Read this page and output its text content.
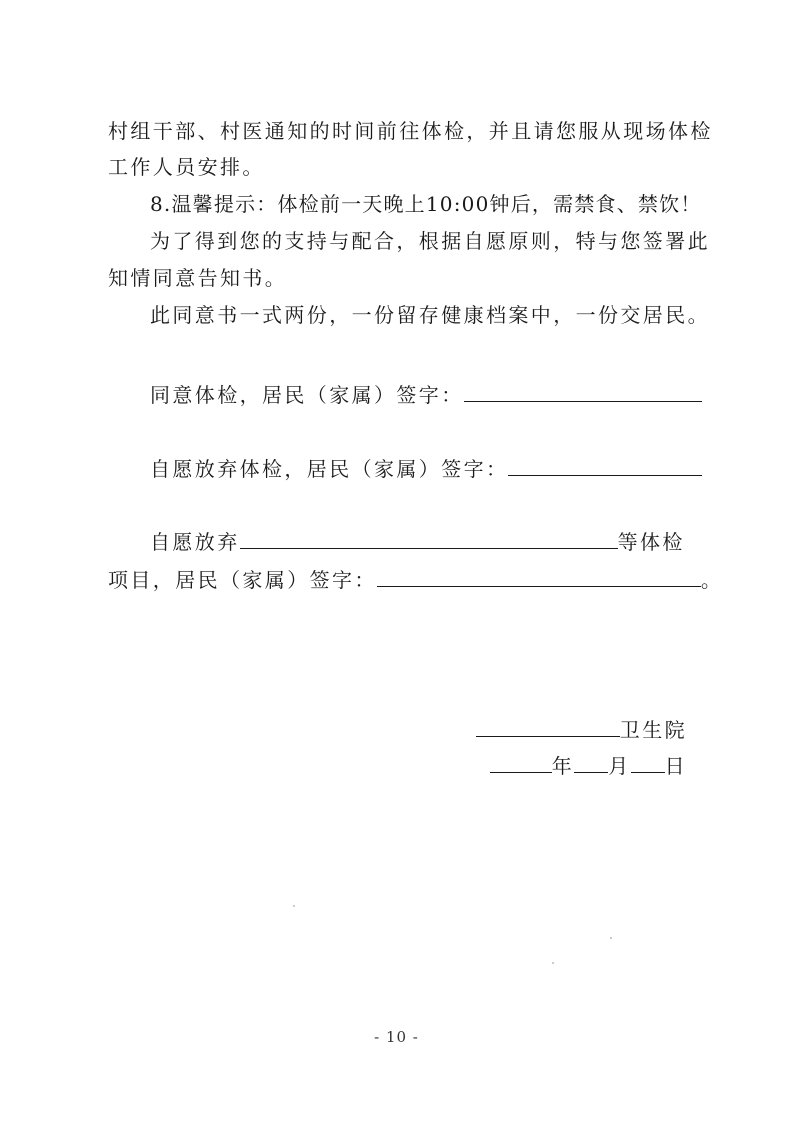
村组干部、村医通知的时间前往体检，并且请您服从现场体检
工作人员安排。
8.温馨提示：体检前一天晚上10:00钟后，需禁食、禁饮！
为了得到您的支持与配合，根据自愿原则，特与您签署此
知情同意告知书。
此同意书一式两份，一份留存健康档案中，一份交居民。
同意体检，居民（家属）签字：
自愿放弃体检，居民（家属）签字：
自愿放弃	等体检
项目，居民（家属）签字：	。
卫生院
年 月 日
- 10 -
